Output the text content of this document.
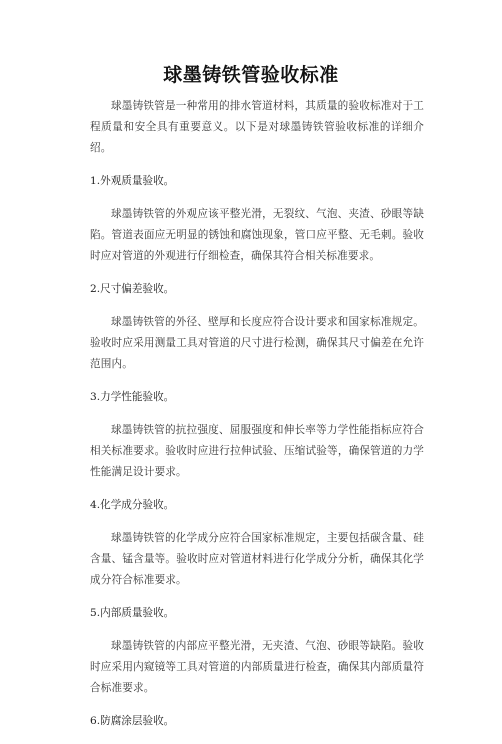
球墨铸铁管验收标准

球墨铸铁管是一种常用的排水管道材料，其质量的验收标准对于工程质量和安全具有重要意义。以下是对球墨铸铁管验收标准的详细介绍。

1.外观质量验收。

球墨铸铁管的外观应该平整光滑，无裂纹、气泡、夹渣、砂眼等缺陷。管道表面应无明显的锈蚀和腐蚀现象，管口应平整、无毛刺。验收时应对管道的外观进行仔细检查，确保其符合相关标准要求。

2.尺寸偏差验收。

球墨铸铁管的外径、壁厚和长度应符合设计要求和国家标准规定。验收时应采用测量工具对管道的尺寸进行检测，确保其尺寸偏差在允许范围内。

3.力学性能验收。

球墨铸铁管的抗拉强度、屈服强度和伸长率等力学性能指标应符合相关标准要求。验收时应进行拉伸试验、压缩试验等，确保管道的力学性能满足设计要求。

4.化学成分验收。

球墨铸铁管的化学成分应符合国家标准规定，主要包括碳含量、硅含量、锰含量等。验收时应对管道材料进行化学成分分析，确保其化学成分符合标准要求。

5.内部质量验收。

球墨铸铁管的内部应平整光滑，无夹渣、气泡、砂眼等缺陷。验收时应采用内窥镜等工具对管道的内部质量进行检查，确保其内部质量符合标准要求。

6.防腐涂层验收。
